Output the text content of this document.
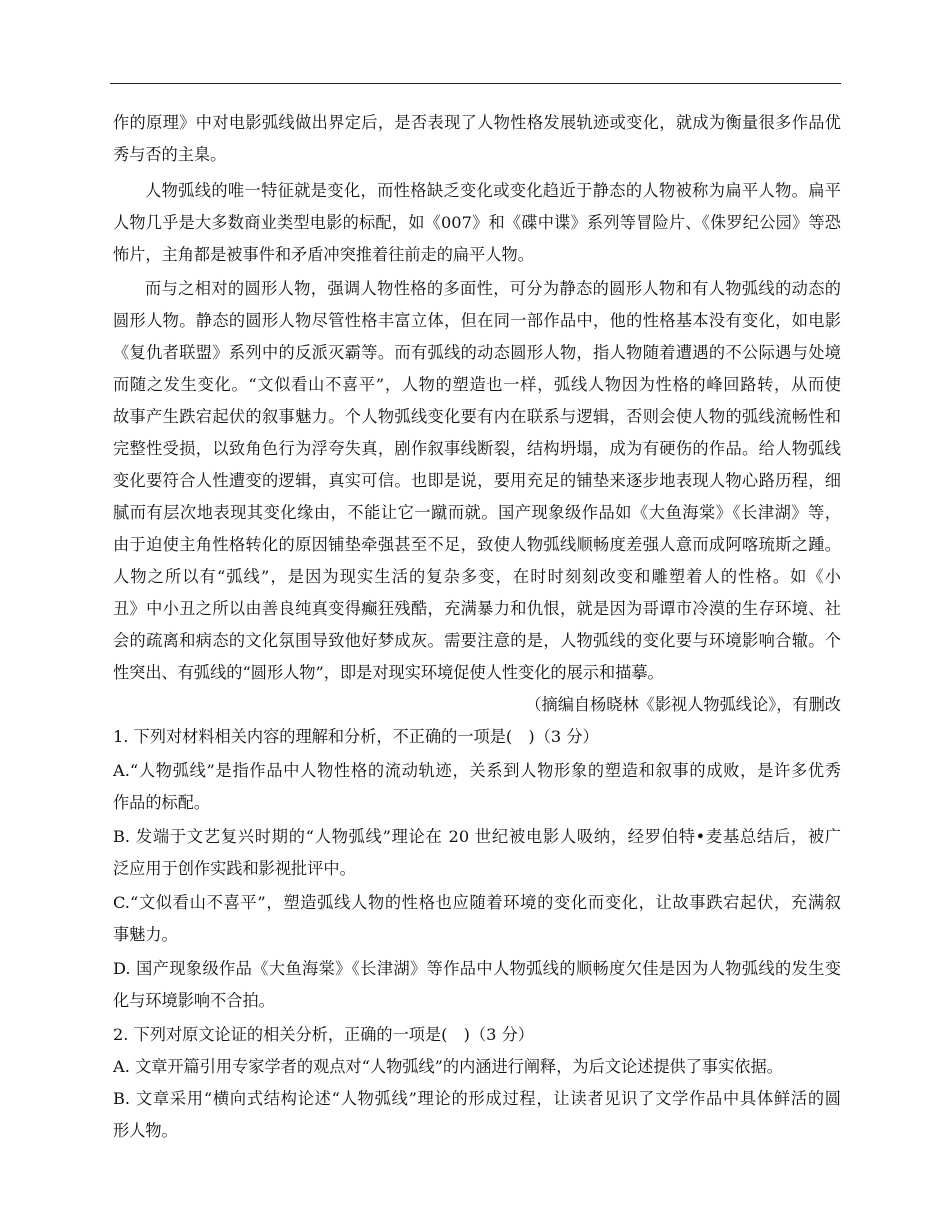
作的原理》中对电影弧线做出界定后，是否表现了人物性格发展轨迹或变化，就成为衡量很多作品优
秀与否的主臬。
人物弧线的唯一特征就是变化，而性格缺乏变化或变化趋近于静态的人物被称为扁平人物。扁平
人物几乎是大多数商业类型电影的标配，如《007》和《碟中谍》系列等冒险片、《侏罗纪公园》等恐
怖片，主角都是被事件和矛盾冲突推着往前走的扁平人物。
而与之相对的圆形人物，强调人物性格的多面性，可分为静态的圆形人物和有人物弧线的动态的
圆形人物。静态的圆形人物尽管性格丰富立体，但在同一部作品中，他的性格基本没有变化，如电影
《复仇者联盟》系列中的反派灭霸等。而有弧线的动态圆形人物，指人物随着遭遇的不公际遇与处境
而随之发生变化。“文似看山不喜平”，人物的塑造也一样，弧线人物因为性格的峰回路转，从而使
故事产生跌宕起伏的叙事魅力。个人物弧线变化要有内在联系与逻辑，否则会使人物的弧线流畅性和
完整性受损，以致角色行为浮夸失真，剧作叙事线断裂，结构坍塌，成为有硬伤的作品。给人物弧线
变化要符合人性遭变的逻辑，真实可信。也即是说，要用充足的铺垫来逐步地表现人物心路历程，细
腻而有层次地表现其变化缘由，不能让它一蹴而就。国产现象级作品如《大鱼海棠》《长津湖》等，
由于迫使主角性格转化的原因铺垫牵强甚至不足，致使人物弧线顺畅度差强人意而成阿喀琉斯之踵。
人物之所以有“弧线”，是因为现实生活的复杂多变，在时时刻刻改变和雕塑着人的性格。如《小
丑》中小丑之所以由善良纯真变得癫狂残酷，充满暴力和仇恨，就是因为哥谭市冷漠的生存环境、社
会的疏离和病态的文化氛围导致他好梦成灰。需要注意的是，人物弧线的变化要与环境影响合辙。个
性突出、有弧线的“圆形人物”，即是对现实环境促使人性变化的展示和描摹。
（摘编自杨晓林《影视人物弧线论》，有删改
1. 下列对材料相关内容的理解和分析，不正确的一项是(　)（3 分）
A.“人物弧线”是指作品中人物性格的流动轨迹，关系到人物形象的塑造和叙事的成败，是许多优秀
作品的标配。
B. 发端于文艺复兴时期的“人物弧线”理论在 20 世纪被电影人吸纳，经罗伯特•麦基总结后，被广
泛应用于创作实践和影视批评中。
C.“文似看山不喜平”，塑造弧线人物的性格也应随着环境的变化而变化，让故事跌宕起伏，充满叙
事魅力。
D. 国产现象级作品《大鱼海棠》《长津湖》等作品中人物弧线的顺畅度欠佳是因为人物弧线的发生变
化与环境影响不合拍。
2. 下列对原文论证的相关分析，正确的一项是(　)（3 分）
A. 文章开篇引用专家学者的观点对“人物弧线”的内涵进行阐释，为后文论述提供了事实依据。
B. 文章采用“横向式结构论述“人物弧线”理论的形成过程，让读者见识了文学作品中具体鲜活的圆
形人物。
